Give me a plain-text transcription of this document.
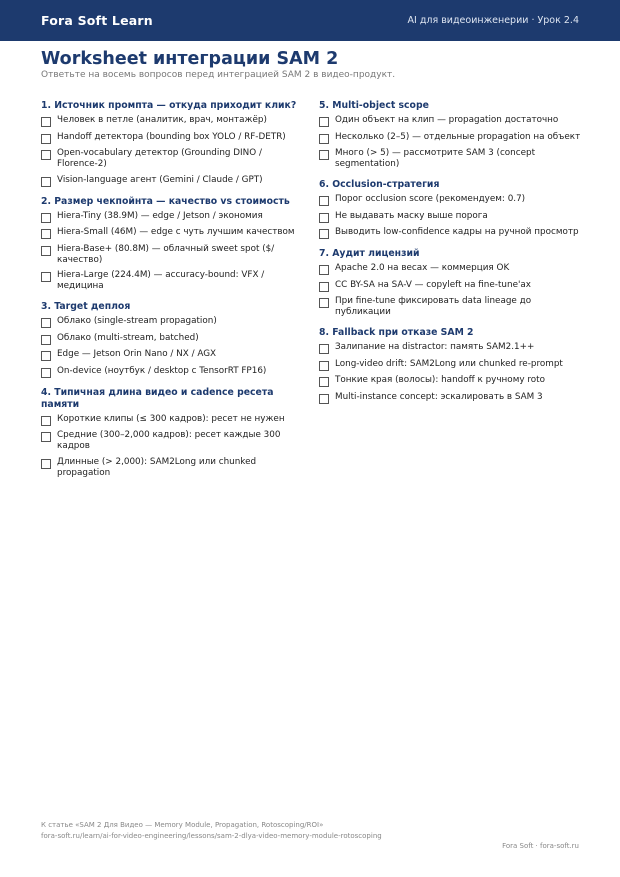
Fora Soft Learn	AI для видеоинженерии · Урок 2.4
Worksheet интеграции SAM 2
Ответьте на восемь вопросов перед интеграцией SAM 2 в видео-продукт.
1. Источник промпта — откуда приходит клик?
Человек в петле (аналитик, врач, монтажёр)
Handoff детектора (bounding box YOLO / RF-DETR)
Open-vocabulary детектор (Grounding DINO / Florence-2)
Vision-language агент (Gemini / Claude / GPT)
2. Размер чекпойнта — качество vs стоимость
Hiera-Tiny (38.9M) — edge / Jetson / экономия
Hiera-Small (46M) — edge с чуть лучшим качеством
Hiera-Base+ (80.8M) — облачный sweet spot ($/качество)
Hiera-Large (224.4M) — accuracy-bound: VFX / медицина
3. Target деплоя
Облако (single-stream propagation)
Облако (multi-stream, batched)
Edge — Jetson Orin Nano / NX / AGX
On-device (ноутбук / desktop с TensorRT FP16)
4. Типичная длина видео и cadence ресета памяти
Короткие клипы (≤ 300 кадров): ресет не нужен
Средние (300–2,000 кадров): ресет каждые 300 кадров
Длинные (> 2,000): SAM2Long или chunked propagation
5. Multi-object scope
Один объект на клип — propagation достаточно
Несколько (2–5) — отдельные propagation на объект
Много (> 5) — рассмотрите SAM 3 (concept segmentation)
6. Occlusion-стратегия
Порог occlusion score (рекомендуем: 0.7)
Не выдавать маску выше порога
Выводить low-confidence кадры на ручной просмотр
7. Аудит лицензий
Apache 2.0 на весах — коммерция OK
CC BY-SA на SA-V — copyleft на fine-tune'ах
При fine-tune фиксировать data lineage до публикации
8. Fallback при отказе SAM 2
Залипание на distractor: память SAM2.1++
Long-video drift: SAM2Long или chunked re-prompt
Тонкие края (волосы): handoff к ручному roto
Multi-instance concept: эскалировать в SAM 3
К статье «SAM 2 Для Видео — Memory Module, Propagation, Rotoscoping/ROI»
fora-soft.ru/learn/ai-for-video-engineering/lessons/sam-2-dlya-video-memory-module-rotoscoping
Fora Soft · fora-soft.ru
